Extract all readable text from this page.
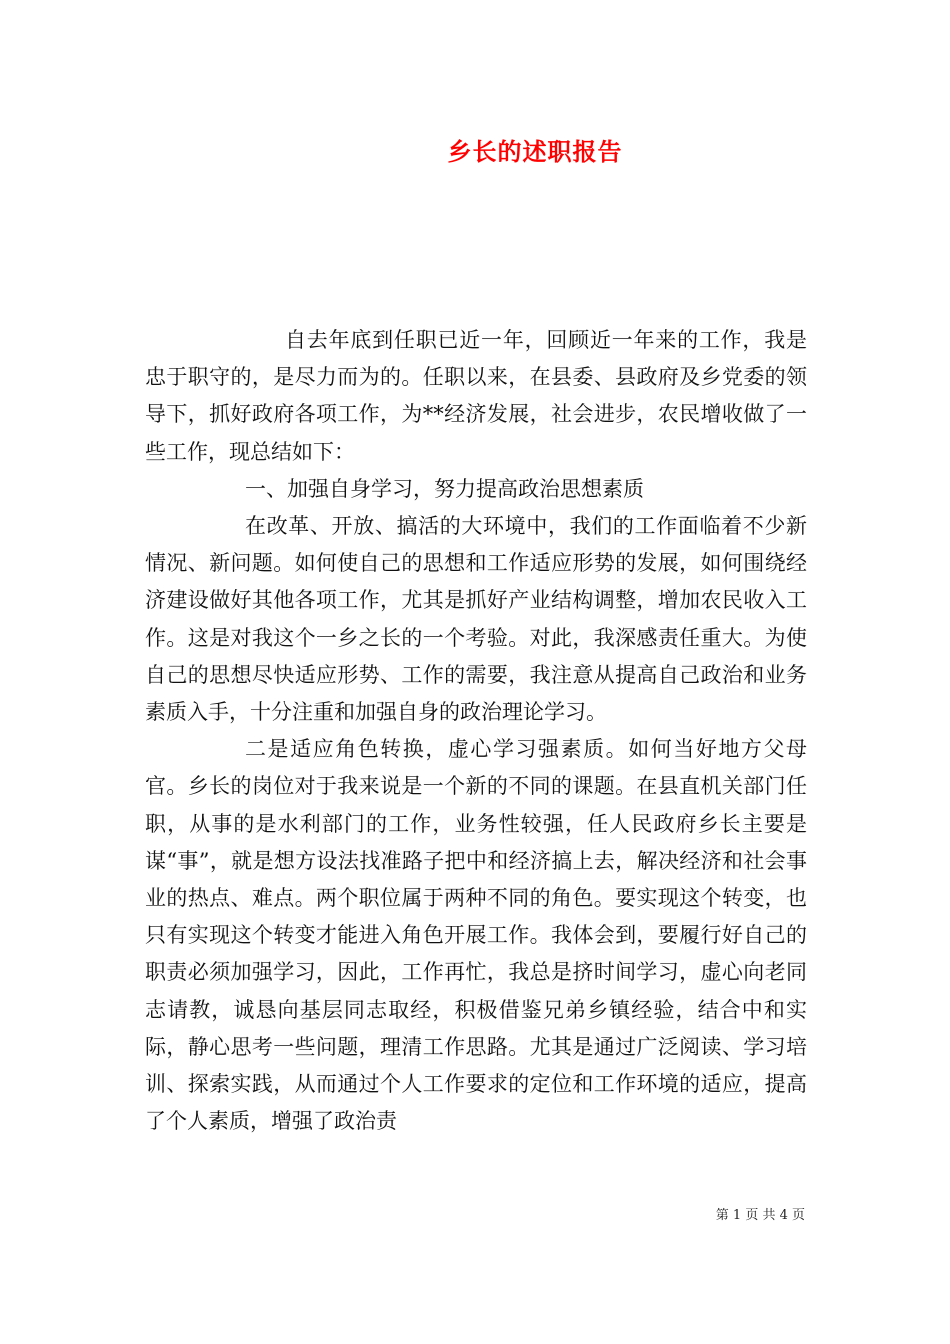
乡长的述职报告

自去年底到任职已近一年，回顾近一年来的工作，我是忠于职守的，是尽力而为的。任职以来，在县委、县政府及乡党委的领导下，抓好政府各项工作，为**经济发展，社会进步，农民增收做了一些工作，现总结如下：

一、加强自身学习，努力提高政治思想素质

在改革、开放、搞活的大环境中，我们的工作面临着不少新情况、新问题。如何使自己的思想和工作适应形势的发展，如何围绕经济建设做好其他各项工作，尤其是抓好产业结构调整，增加农民收入工作。这是对我这个一乡之长的一个考验。对此，我深感责任重大。为使自己的思想尽快适应形势、工作的需要，我注意从提高自己政治和业务素质入手，十分注重和加强自身的政治理论学习。

二是适应角色转换，虚心学习强素质。如何当好地方父母官。乡长的岗位对于我来说是一个新的不同的课题。在县直机关部门任职，从事的是水利部门的工作，业务性较强，任人民政府乡长主要是谋“事”，就是想方设法找准路子把中和经济搞上去，解决经济和社会事业的热点、难点。两个职位属于两种不同的角色。要实现这个转变，也只有实现这个转变才能进入角色开展工作。我体会到，要履行好自己的职责必须加强学习，因此，工作再忙，我总是挤时间学习，虚心向老同志请教，诚恳向基层同志取经，积极借鉴兄弟乡镇经验，结合中和实际，静心思考一些问题，理清工作思路。尤其是通过广泛阅读、学习培训、探索实践，从而通过个人工作要求的定位和工作环境的适应，提高了个人素质，增强了政治责

第 1 页 共 4 页
